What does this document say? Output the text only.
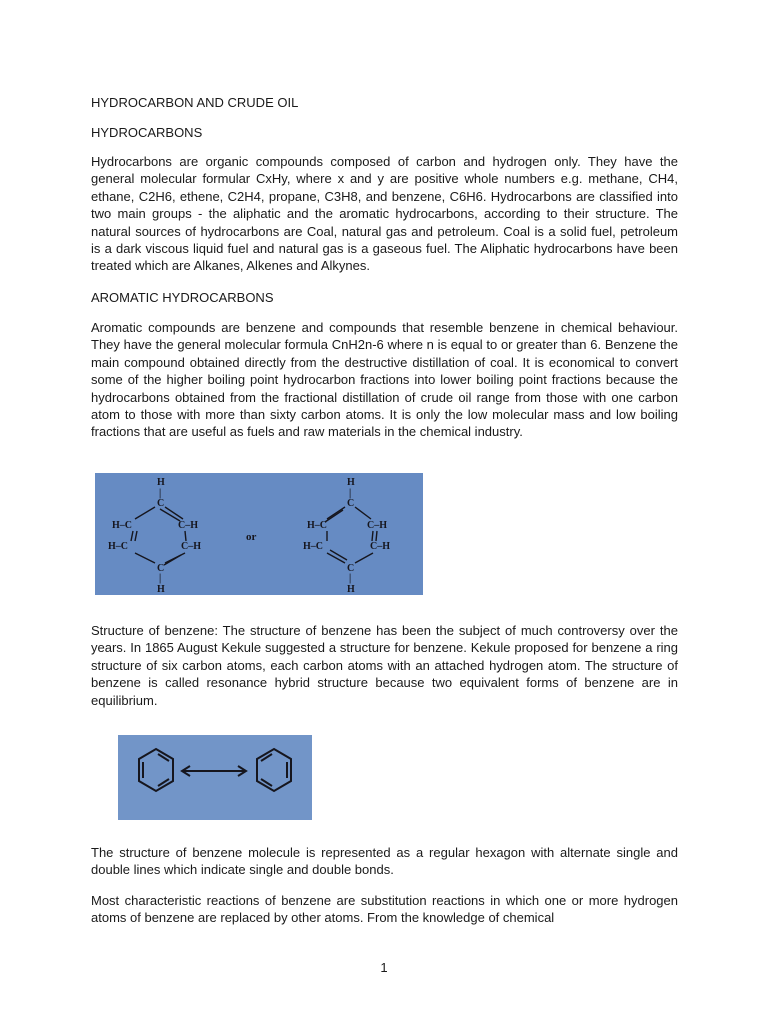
HYDROCARBON AND CRUDE OIL

HYDROCARBONS

Hydrocarbons are organic compounds composed of carbon and hydrogen only. They have the general molecular formular CxHy, where x and y are positive whole numbers e.g. methane, CH4, ethane, C2H6, ethene, C2H4, propane, C3H8, and benzene, C6H6. Hydrocarbons are classified into two main groups - the aliphatic and the aromatic hydrocarbons, according to their structure. The natural sources of hydrocarbons are Coal, natural gas and petroleum. Coal is a solid fuel, petroleum is a dark viscous liquid fuel and natural gas is a gaseous fuel. The Aliphatic hydrocarbons have been treated which are Alkanes, Alkenes and Alkynes.

AROMATIC HYDROCARBONS

Aromatic compounds are benzene and compounds that resemble benzene in chemical behaviour. They have the general molecular formula CnH2n-6 where n is equal to or greater than 6. Benzene the main compound obtained directly from the destructive distillation of coal. It is economical to convert some of the higher boiling point hydrocarbon fractions into lower boiling point fractions because the hydrocarbons obtained from the fractional distillation of crude oil range from those with one carbon atom to those with more than sixty carbon atoms. It is only the low molecular mass and low boiling fractions that are useful as fuels and raw materials in the chemical industry.

H
|
C
H–C	C–H
H–C	C–H
C
|
H
or
H
|
C
H–C	C–H
H–C	C–H
C
|
H

Structure of benzene: The structure of benzene has been the subject of much controversy over the years. In 1865 August Kekule suggested a structure for benzene. Kekule proposed for benzene a ring structure of six carbon atoms, each carbon atoms with an attached hydrogen atom. The structure of benzene is called resonance hybrid structure because two equivalent forms of benzene are in equilibrium.

The structure of benzene molecule is represented as a regular hexagon with alternate single and double lines which indicate single and double bonds.

Most characteristic reactions of benzene are substitution reactions in which one or more hydrogen atoms of benzene are replaced by other atoms. From the knowledge of chemical

1
